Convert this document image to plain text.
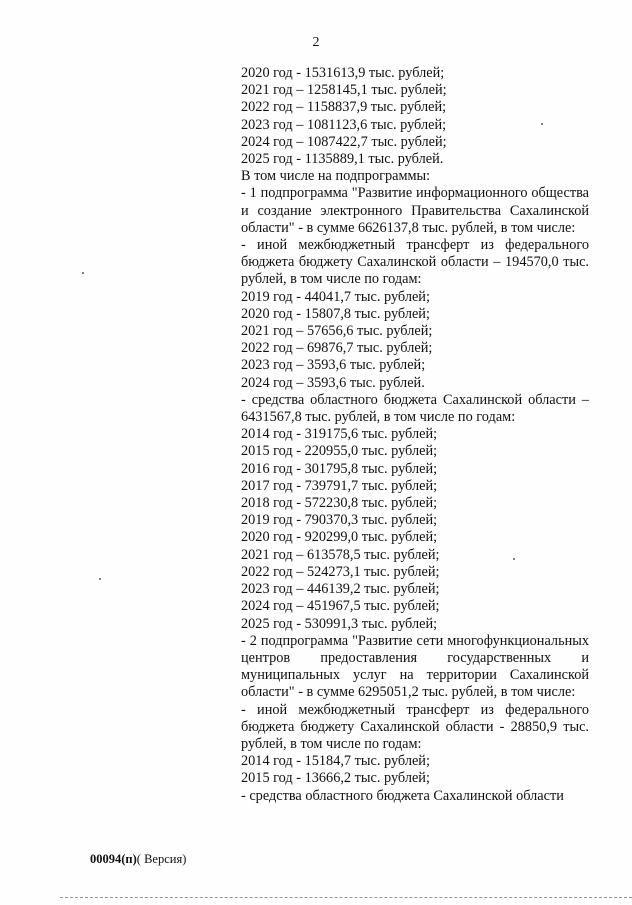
2

2020 год - 1531613,9 тыс. рублей;

2021 год – 1258145,1 тыс. рублей;

2022 год – 1158837,9 тыс. рублей;

2023 год – 1081123,6 тыс. рублей;

2024 год – 1087422,7 тыс. рублей;

2025 год - 1135889,1 тыс. рублей.

В том числе на подпрограммы:

- 1 подпрограмма "Развитие информационного общества и создание электронного Правительства Сахалинской области" - в сумме 6626137,8 тыс. рублей, в том числе:

- иной межбюджетный трансферт из федерального бюджета бюджету Сахалинской области – 194570,0 тыс. рублей, в том числе по годам:

2019 год - 44041,7 тыс. рублей;

2020 год - 15807,8 тыс. рублей;

2021 год – 57656,6 тыс. рублей;

2022 год – 69876,7 тыс. рублей;

2023 год – 3593,6 тыс. рублей;

2024 год – 3593,6 тыс. рублей.

- средства областного бюджета Сахалинской области – 6431567,8 тыс. рублей, в том числе по годам:

2014 год - 319175,6 тыс. рублей;

2015 год - 220955,0 тыс. рублей;

2016 год - 301795,8 тыс. рублей;

2017 год - 739791,7 тыс. рублей;

2018 год - 572230,8 тыс. рублей;

2019 год - 790370,3 тыс. рублей;

2020 год - 920299,0 тыс. рублей;

2021 год – 613578,5 тыс. рублей;

2022 год – 524273,1 тыс. рублей;

2023 год – 446139,2 тыс. рублей;

2024 год – 451967,5 тыс. рублей;

2025 год - 530991,3 тыс. рублей;

- 2 подпрограмма "Развитие сети многофункциональных центров предоставления государственных и муниципальных услуг на территории Сахалинской области" - в сумме 6295051,2 тыс. рублей, в том числе:

- иной межбюджетный трансферт из федерального бюджета бюджету Сахалинской области - 28850,9 тыс. рублей, в том числе по годам:

2014 год - 15184,7 тыс. рублей;

2015 год - 13666,2 тыс. рублей;

- средства областного бюджета Сахалинской области

00094(п)( Версия)
